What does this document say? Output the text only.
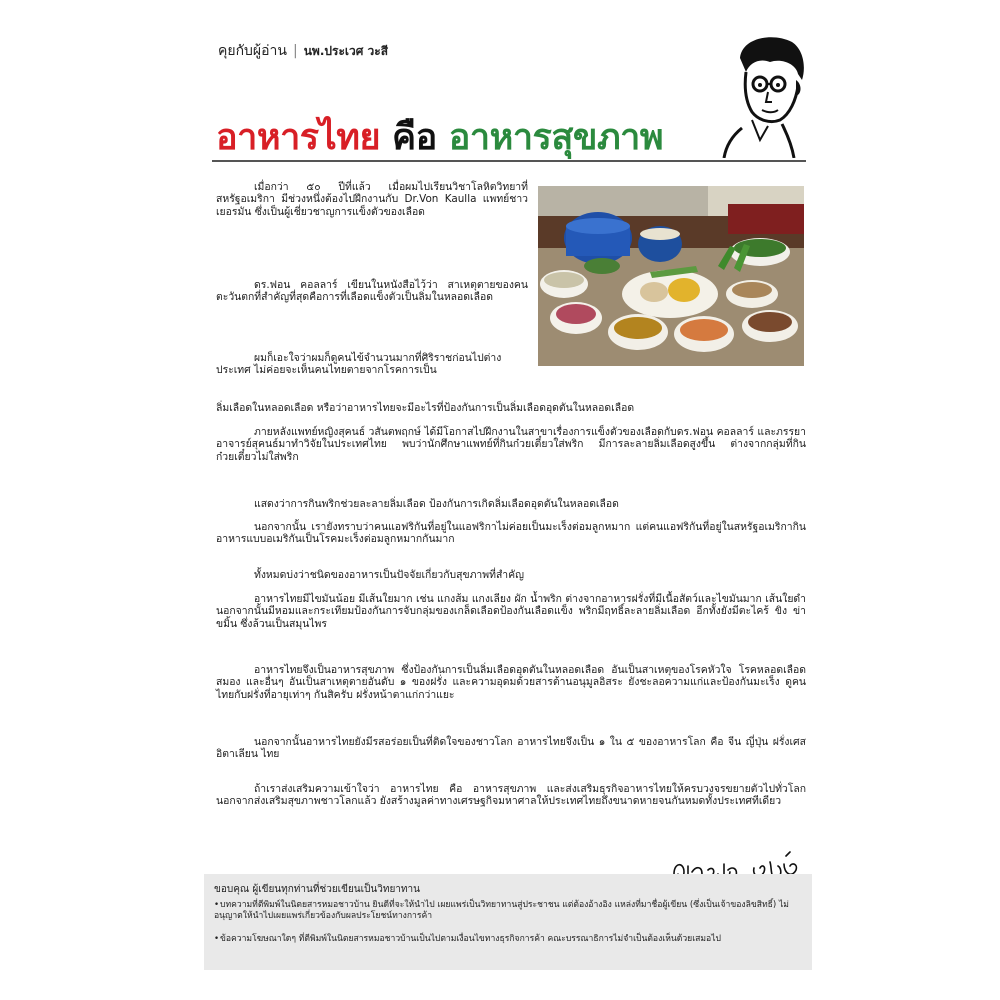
คุยกับผู้อ่าน | นพ.ประเวศ วะสี
อาหารไทย คือ อาหารสุขภาพ

เมื่อกว่า ๕๐ ปีที่แล้ว เมื่อผมไปเรียนวิชาโลหิตวิทยาที่สหรัฐอเมริกา มีช่วงหนึ่งต้องไปฝึกงานกับ Dr.Von Kaulla แพทย์ชาวเยอรมัน ซึ่งเป็นผู้เชี่ยวชาญการแข็งตัวของเลือด

ดร.ฟอน คอลลาร์ เขียนในหนังสือไว้ว่า สาเหตุตายของคนตะวันตกที่สำคัญที่สุดคือการที่เลือดแข็งตัวเป็นลิ่มในหลอดเลือด

ผมก็เอะใจว่าผมก็ดูคนไข้จำนวนมากที่ศิริราชก่อนไปต่างประเทศ ไม่ค่อยจะเห็นคนไทยตายจากโรคการเป็น

ลิ่มเลือดในหลอดเลือด หรือว่าอาหารไทยจะมีอะไรที่ป้องกันการเป็นลิ่มเลือดอุดตันในหลอดเลือด

ภายหลังแพทย์หญิงสุคนธ์ วสันตพฤกษ์ ได้มีโอกาสไปฝึกงานในสาขาเรื่องการแข็งตัวของเลือดกับดร.ฟอน คอลลาร์ และภรรยา อาจารย์สุคนธ์มาทำวิจัยในประเทศไทย พบว่านักศึกษาแพทย์ที่กินก๋วยเตี๋ยวใส่พริก มีการละลายลิ่มเลือดสูงขึ้น ต่างจากกลุ่มที่กินก๋วยเตี๋ยวไม่ใส่พริก

แสดงว่าการกินพริกช่วยละลายลิ่มเลือด ป้องกันการเกิดลิ่มเลือดอุดตันในหลอดเลือด

นอกจากนั้น เรายังทราบว่าคนแอฟริกันที่อยู่ในแอฟริกาไม่ค่อยเป็นมะเร็งต่อมลูกหมาก แต่คนแอฟริกันที่อยู่ในสหรัฐอเมริกากินอาหารแบบอเมริกันเป็นโรคมะเร็งต่อมลูกหมากกันมาก

ทั้งหมดบ่งว่าชนิดของอาหารเป็นปัจจัยเกี่ยวกับสุขภาพที่สำคัญ

อาหารไทยมีไขมันน้อย มีเส้นใยมาก เช่น แกงส้ม แกงเลียง ผัก น้ำพริก ต่างจากอาหารฝรั่งที่มีเนื้อสัตว์และไขมันมาก เส้นใยดำ นอกจากนั้นมีหอมและกระเทียมป้องกันการจับกลุ่มของเกล็ดเลือดป้องกันเลือดแข็ง พริกมีฤทธิ์ละลายลิ่มเลือด อีกทั้งยังมีตะไคร้ ขิง ข่า ขมิ้น ซึ่งล้วนเป็นสมุนไพร

อาหารไทยจึงเป็นอาหารสุขภาพ ซึ่งป้องกันการเป็นลิ่มเลือดอุดตันในหลอดเลือด อันเป็นสาเหตุของโรคหัวใจ โรคหลอดเลือดสมอง และอื่นๆ อันเป็นสาเหตุตายอันดับ ๑ ของฝรั่ง และความอุดมด้วยสารต้านอนุมูลอิสระ ยังชะลอความแก่และป้องกันมะเร็ง ดูคนไทยกับฝรั่งที่อายุเท่าๆ กันสิครับ ฝรั่งหน้าตาแก่กว่าแยะ

นอกจากนั้นอาหารไทยยังมีรสอร่อยเป็นที่ติดใจของชาวโลก อาหารไทยจึงเป็น ๑ ใน ๕ ของอาหารโลก คือ จีน ญี่ปุ่น ฝรั่งเศส อิตาเลียน ไทย

ถ้าเราส่งเสริมความเข้าใจว่า อาหารไทย คือ อาหารสุขภาพ และส่งเสริมธุรกิจอาหารไทยให้ครบวงจรขยายตัวไปทั่วโลก นอกจากส่งเสริมสุขภาพชาวโลกแล้ว ยังสร้างมูลค่าทางเศรษฐกิจมหาศาลให้ประเทศไทยถึงขนาดหายจนกันหมดทั้งประเทศทีเดียว

ขอบคุณ ผู้เขียนทุกท่านที่ช่วยเขียนเป็นวิทยาทาน
•บทความที่ตีพิมพ์ในนิตยสารหมอชาวบ้าน ยินดีที่จะให้นำไป เผยแพร่เป็นวิทยาทานสู่ประชาชน แต่ต้องอ้างอิง แหล่งที่มาชื่อผู้เขียน (ซึ่งเป็นเจ้าของลิขสิทธิ์) ไม่อนุญาตให้นำไปเผยแพร่เกี่ยวข้องกับผลประโยชน์ทางการค้า
•ข้อความโฆษณาใดๆ ที่ตีพิมพ์ในนิตยสารหมอชาวบ้านเป็นไปตามเงื่อนไขทางธุรกิจการค้า คณะบรรณาธิการไม่จำเป็นต้องเห็นด้วยเสมอไป
